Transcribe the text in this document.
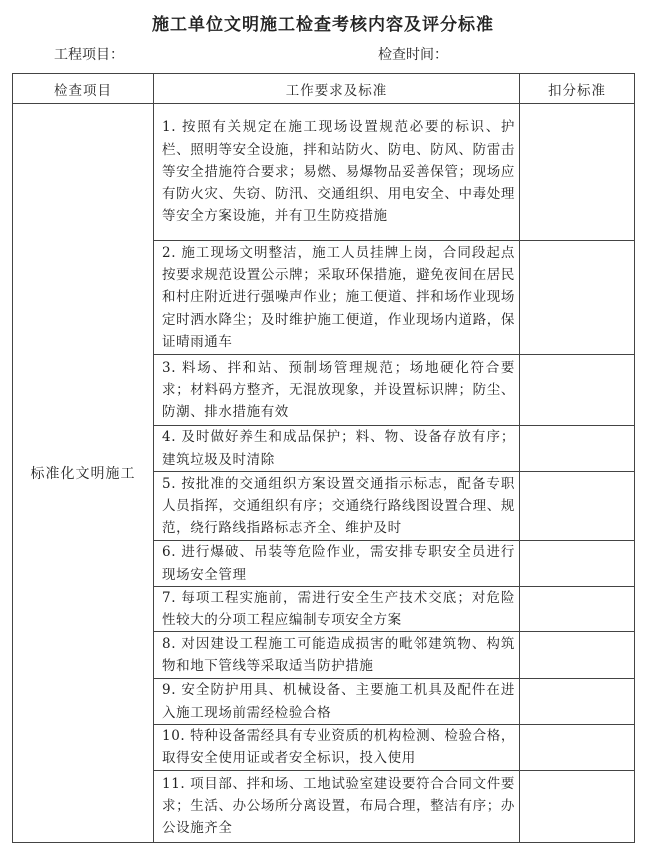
施工单位文明施工检查考核内容及评分标准
工程项目：	检查时间：
检查项目	工作要求及标准	扣分标准
标准化文明施工	1. 按照有关规定在施工现场设置规范必要的标识、护栏、照明等安全设施，拌和站防火、防电、防风、防雷击等安全措施符合要求；易燃、易爆物品妥善保管；现场应有防火灾、失窃、防汛、交通组织、用电安全、中毒处理等安全方案设施，并有卫生防疫措施	
	2. 施工现场文明整洁，施工人员挂牌上岗，合同段起点按要求规范设置公示牌；采取环保措施，避免夜间在居民和村庄附近进行强噪声作业；施工便道、拌和场作业现场定时洒水降尘；及时维护施工便道，作业现场内道路，保证晴雨通车	
	3. 料场、拌和站、预制场管理规范；场地硬化符合要求；材料码方整齐，无混放现象，并设置标识牌；防尘、防潮、排水措施有效	
	4. 及时做好养生和成品保护；料、物、设备存放有序；建筑垃圾及时清除	
	5. 按批准的交通组织方案设置交通指示标志，配备专职人员指挥，交通组织有序；交通绕行路线图设置合理、规范，绕行路线指路标志齐全、维护及时	
	6. 进行爆破、吊装等危险作业，需安排专职安全员进行现场安全管理	
	7. 每项工程实施前，需进行安全生产技术交底；对危险性较大的分项工程应编制专项安全方案	
	8. 对因建设工程施工可能造成损害的毗邻建筑物、构筑物和地下管线等采取适当防护措施	
	9. 安全防护用具、机械设备、主要施工机具及配件在进入施工现场前需经检验合格	
	10. 特种设备需经具有专业资质的机构检测、检验合格，取得安全使用证或者安全标识，投入使用	
	11. 项目部、拌和场、工地试验室建设要符合合同文件要求；生活、办公场所分离设置，布局合理，整洁有序；办公设施齐全	
